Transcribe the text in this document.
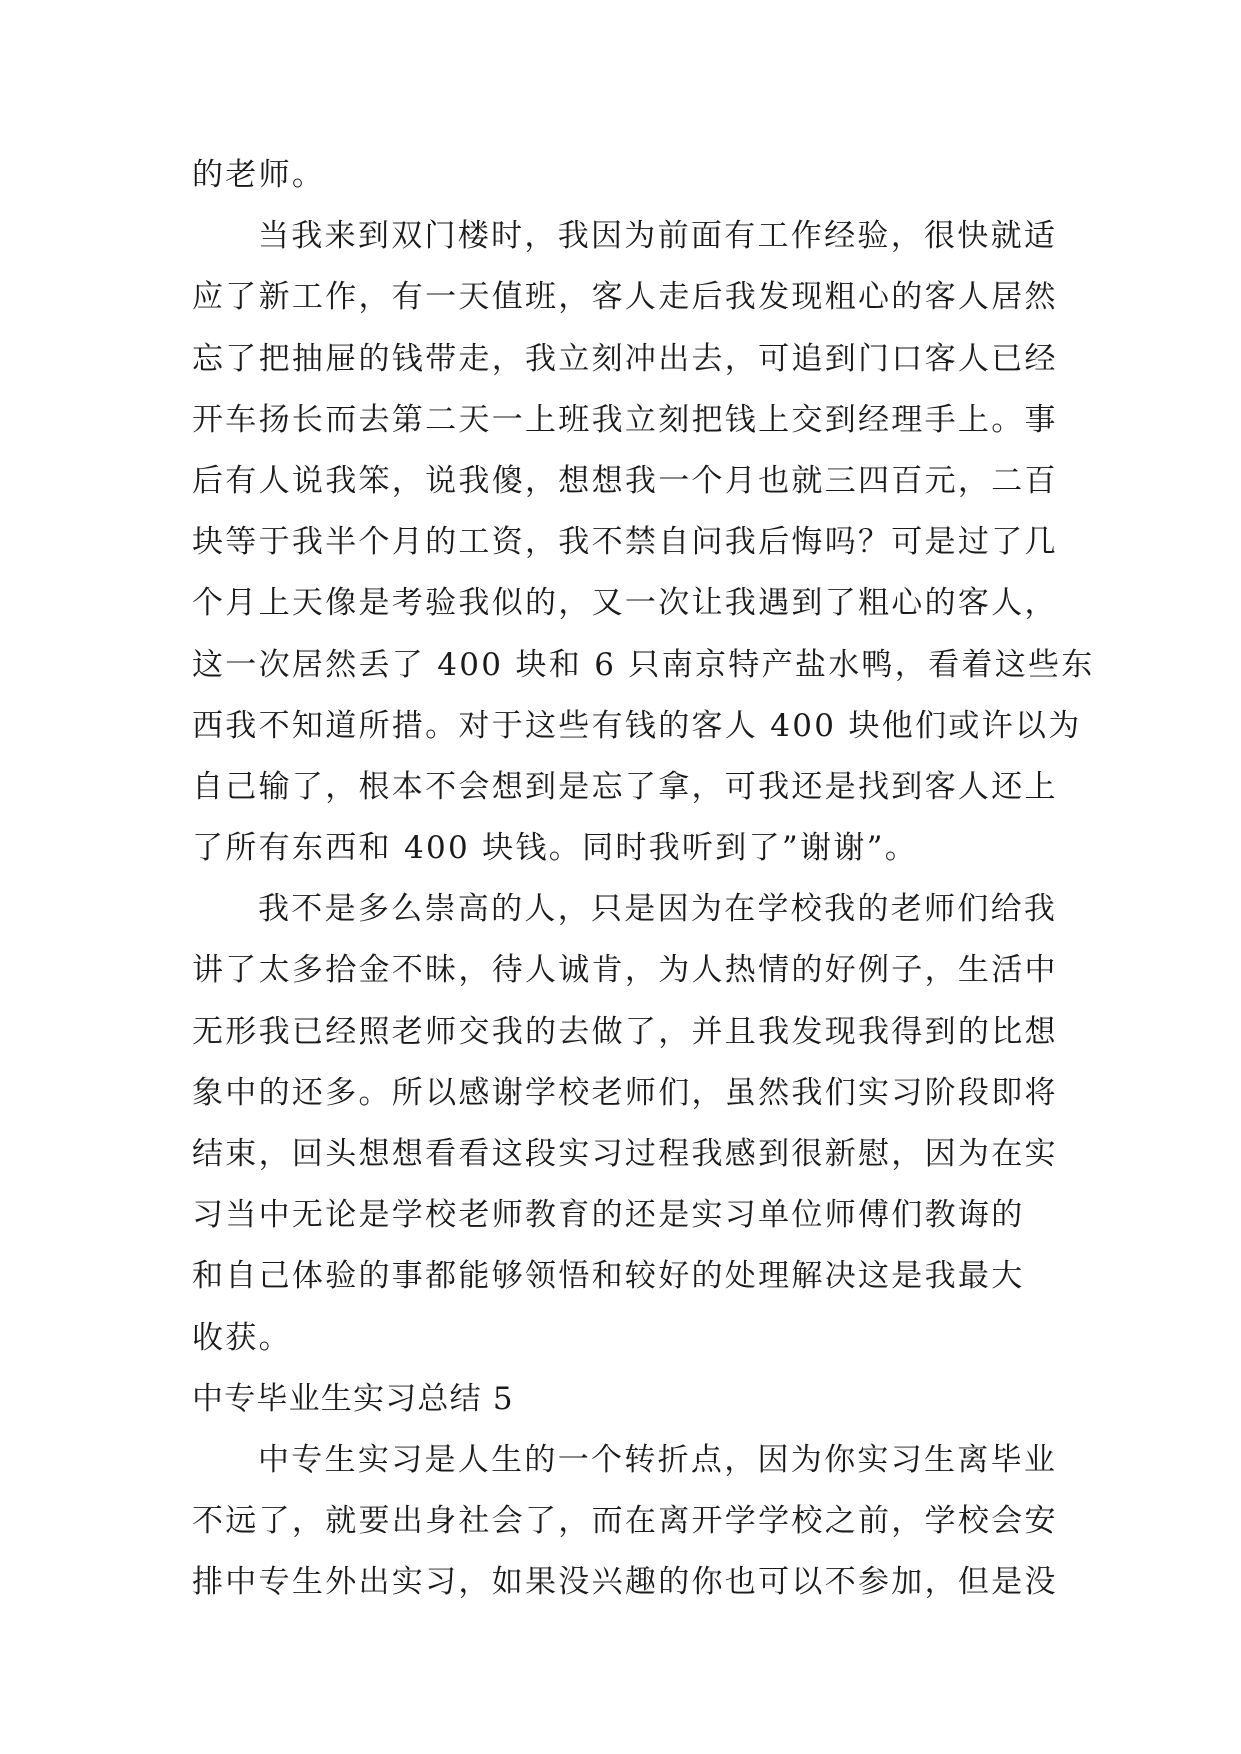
的老师。
当我来到双门楼时，我因为前面有工作经验，很快就适
应了新工作，有一天值班，客人走后我发现粗心的客人居然
忘了把抽屉的钱带走，我立刻冲出去，可追到门口客人已经
开车扬长而去第二天一上班我立刻把钱上交到经理手上。事
后有人说我笨，说我傻，想想我一个月也就三四百元，二百
块等于我半个月的工资，我不禁自问我后悔吗？可是过了几
个月上天像是考验我似的，又一次让我遇到了粗心的客人，
这一次居然丢了 400 块和 6 只南京特产盐水鸭，看着这些东
西我不知道所措。对于这些有钱的客人 400 块他们或许以为
自己输了，根本不会想到是忘了拿，可我还是找到客人还上
了所有东西和 400 块钱。同时我听到了”谢谢”。
我不是多么崇高的人，只是因为在学校我的老师们给我
讲了太多拾金不昧，待人诚肯，为人热情的好例子，生活中
无形我已经照老师交我的去做了，并且我发现我得到的比想
象中的还多。所以感谢学校老师们，虽然我们实习阶段即将
结束，回头想想看看这段实习过程我感到很新慰，因为在实
习当中无论是学校老师教育的还是实习单位师傅们教诲的
和自己体验的事都能够领悟和较好的处理解决这是我最大
收获。
中专毕业生实习总结 5
中专生实习是人生的一个转折点，因为你实习生离毕业
不远了，就要出身社会了，而在离开学学校之前，学校会安
排中专生外出实习，如果没兴趣的你也可以不参加，但是没
